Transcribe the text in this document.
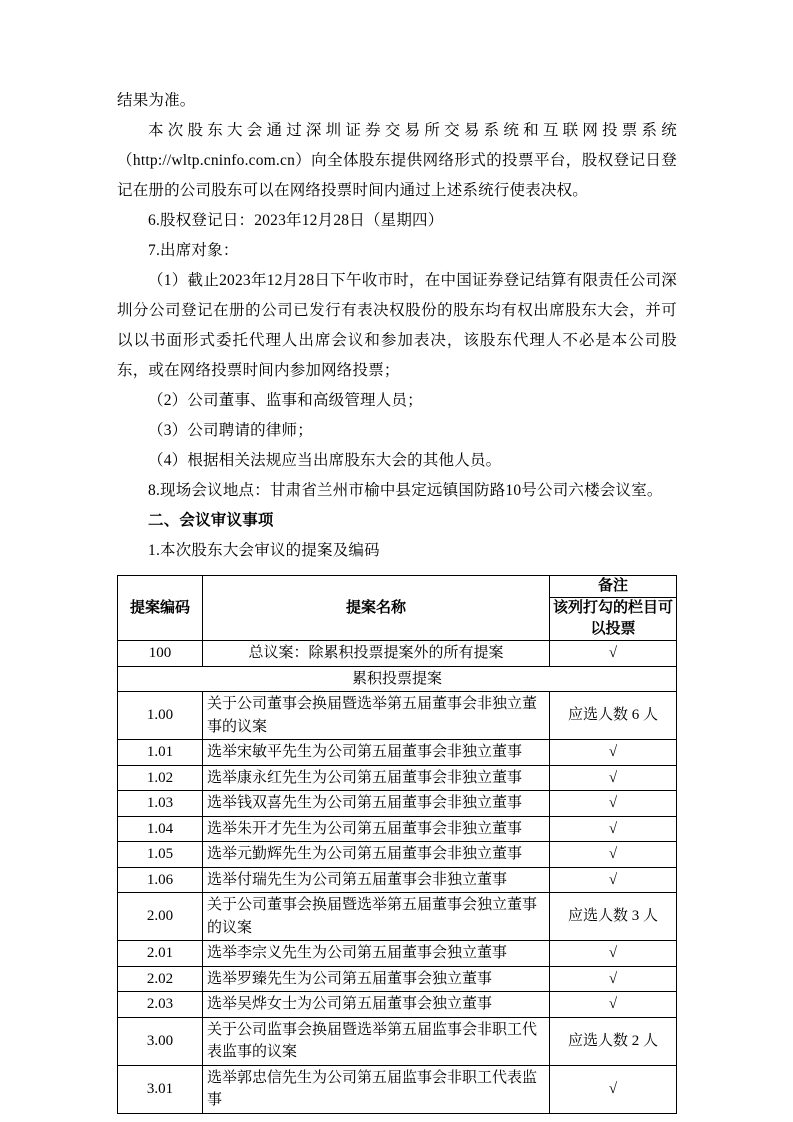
结果为准。

本次股东大会通过深圳证券交易所交易系统和互联网投票系统（http://wltp.cninfo.com.cn）向全体股东提供网络形式的投票平台，股权登记日登记在册的公司股东可以在网络投票时间内通过上述系统行使表决权。

6.股权登记日：2023年12月28日（星期四）

7.出席对象：

（1）截止2023年12月28日下午收市时，在中国证券登记结算有限责任公司深圳分公司登记在册的公司已发行有表决权股份的股东均有权出席股东大会，并可以以书面形式委托代理人出席会议和参加表决，该股东代理人不必是本公司股东，或在网络投票时间内参加网络投票；

（2）公司董事、监事和高级管理人员；

（3）公司聘请的律师；

（4）根据相关法规应当出席股东大会的其他人员。

8.现场会议地点：甘肃省兰州市榆中县定远镇国防路10号公司六楼会议室。

二、会议审议事项

1.本次股东大会审议的提案及编码

提案编码	提案名称	备注
		该列打勾的栏目可以投票
100	总议案：除累积投票提案外的所有提案	√
累积投票提案		
1.00	关于公司董事会换届暨选举第五届董事会非独立董事的议案	应选人数 6 人
1.01	选举宋敏平先生为公司第五届董事会非独立董事	√
1.02	选举康永红先生为公司第五届董事会非独立董事	√
1.03	选举钱双喜先生为公司第五届董事会非独立董事	√
1.04	选举朱开才先生为公司第五届董事会非独立董事	√
1.05	选举元勤辉先生为公司第五届董事会非独立董事	√
1.06	选举付瑞先生为公司第五届董事会非独立董事	√
2.00	关于公司董事会换届暨选举第五届董事会独立董事的议案	应选人数 3 人
2.01	选举李宗义先生为公司第五届董事会独立董事	√
2.02	选举罗臻先生为公司第五届董事会独立董事	√
2.03	选举吴烨女士为公司第五届董事会独立董事	√
3.00	关于公司监事会换届暨选举第五届监事会非职工代表监事的议案	应选人数 2 人
3.01	选举郭忠信先生为公司第五届监事会非职工代表监事	√
